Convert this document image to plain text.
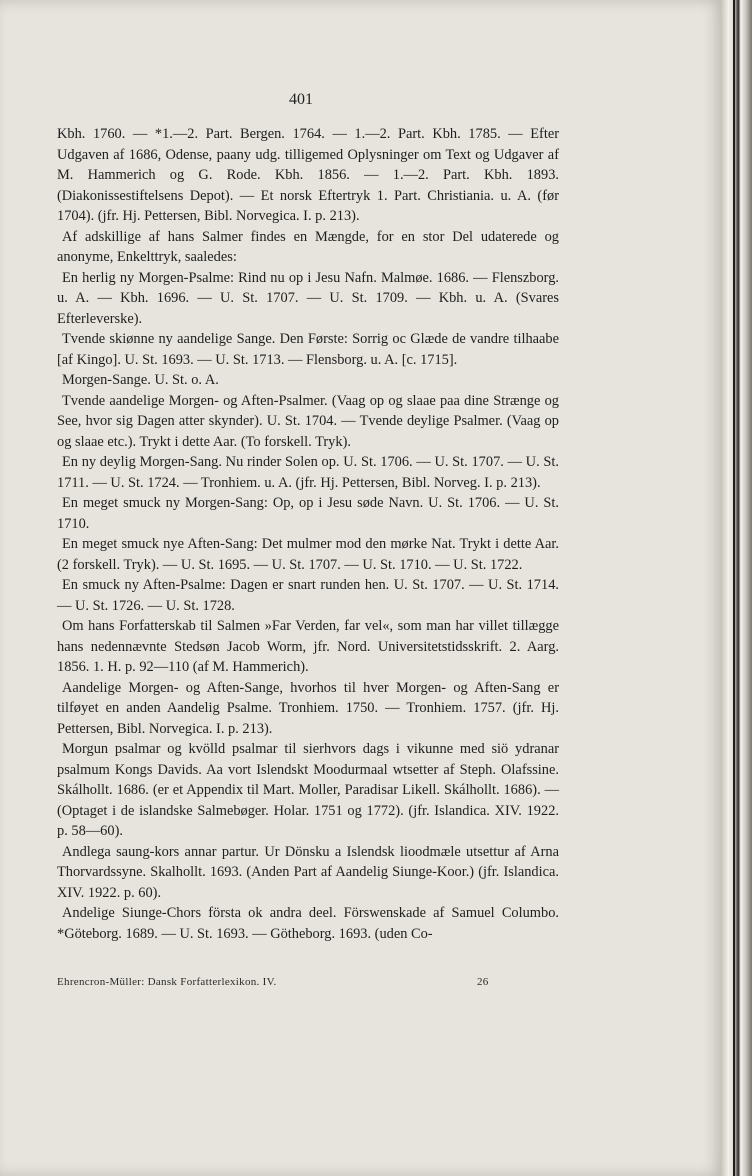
401

Kbh. 1760. — *1.—2. Part. Bergen. 1764. — 1.—2. Part. Kbh. 1785. — Efter Udgaven af 1686, Odense, paany udg. tilligemed Oplysninger om Text og Udgaver af M. Hammerich og G. Rode. Kbh. 1856. — 1.—2. Part. Kbh. 1893. (Diakonissestiftelsens Depot). — Et norsk Eftertryk 1. Part. Christiania. u. A. (før 1704). (jfr. Hj. Pettersen, Bibl. Norvegica. I. p. 213).

Af adskillige af hans Salmer findes en Mængde, for en stor Del udaterede og anonyme, Enkelttryk, saaledes:

En herlig ny Morgen-Psalme: Rind nu op i Jesu Nafn. Malmøe. 1686. — Flenszborg. u. A. — Kbh. 1696. — U. St. 1707. — U. St. 1709. — Kbh. u. A. (Svares Efterleverske).

Tvende skiønne ny aandelige Sange. Den Første: Sorrig oc Glæde de vandre tilhaabe [af Kingo]. U. St. 1693. — U. St. 1713. — Flensborg. u. A. [c. 1715].

Morgen-Sange. U. St. o. A.

Tvende aandelige Morgen- og Aften-Psalmer. (Vaag op og slaae paa dine Strænge og See, hvor sig Dagen atter skynder). U. St. 1704. — Tvende deylige Psalmer. (Vaag op og slaae etc.). Trykt i dette Aar. (To forskell. Tryk).

En ny deylig Morgen-Sang. Nu rinder Solen op. U. St. 1706. — U. St. 1707. — U. St. 1711. — U. St. 1724. — Tronhiem. u. A. (jfr. Hj. Pettersen, Bibl. Norveg. I. p. 213).

En meget smuck ny Morgen-Sang: Op, op i Jesu søde Navn. U. St. 1706. — U. St. 1710.

En meget smuck nye Aften-Sang: Det mulmer mod den mørke Nat. Trykt i dette Aar. (2 forskell. Tryk). — U. St. 1695. — U. St. 1707. — U. St. 1710. — U. St. 1722.

En smuck ny Aften-Psalme: Dagen er snart runden hen. U. St. 1707. — U. St. 1714. — U. St. 1726. — U. St. 1728.

Om hans Forfatterskab til Salmen »Far Verden, far vel«, som man har villet tillægge hans nedennævnte Stedsøn Jacob Worm, jfr. Nord. Universitetstidsskrift. 2. Aarg. 1856. 1. H. p. 92—110 (af M. Hammerich).

Aandelige Morgen- og Aften-Sange, hvorhos til hver Morgen- og Aften-Sang er tilføyet en anden Aandelig Psalme. Tronhiem. 1750. — Tronhiem. 1757. (jfr. Hj. Pettersen, Bibl. Norvegica. I. p. 213).

Morgun psalmar og kvölld psalmar til sierhvors dags i vikunne med siö ydranar psalmum Kongs Davids. Aa vort Islendskt Moodurmaal wtsetter af Steph. Olafssine. Skálhollt. 1686. (er et Appendix til Mart. Moller, Paradisar Likell. Skálhollt. 1686). — (Optaget i de islandske Salmebøger. Holar. 1751 og 1772). (jfr. Islandica. XIV. 1922. p. 58—60).

Andlega saung-kors annar partur. Ur Dönsku a Islendsk lioodmæle utsettur af Arna Thorvardssyne. Skalhollt. 1693. (Anden Part af Aandelig Siunge-Koor.) (jfr. Islandica. XIV. 1922. p. 60).

Andelige Siunge-Chors första ok andra deel. Förswenskade af Samuel Columbo. *Göteborg. 1689. — U. St. 1693. — Götheborg. 1693. (uden Co-

Ehrencron-Müller: Dansk Forfatterlexikon. IV.	26
